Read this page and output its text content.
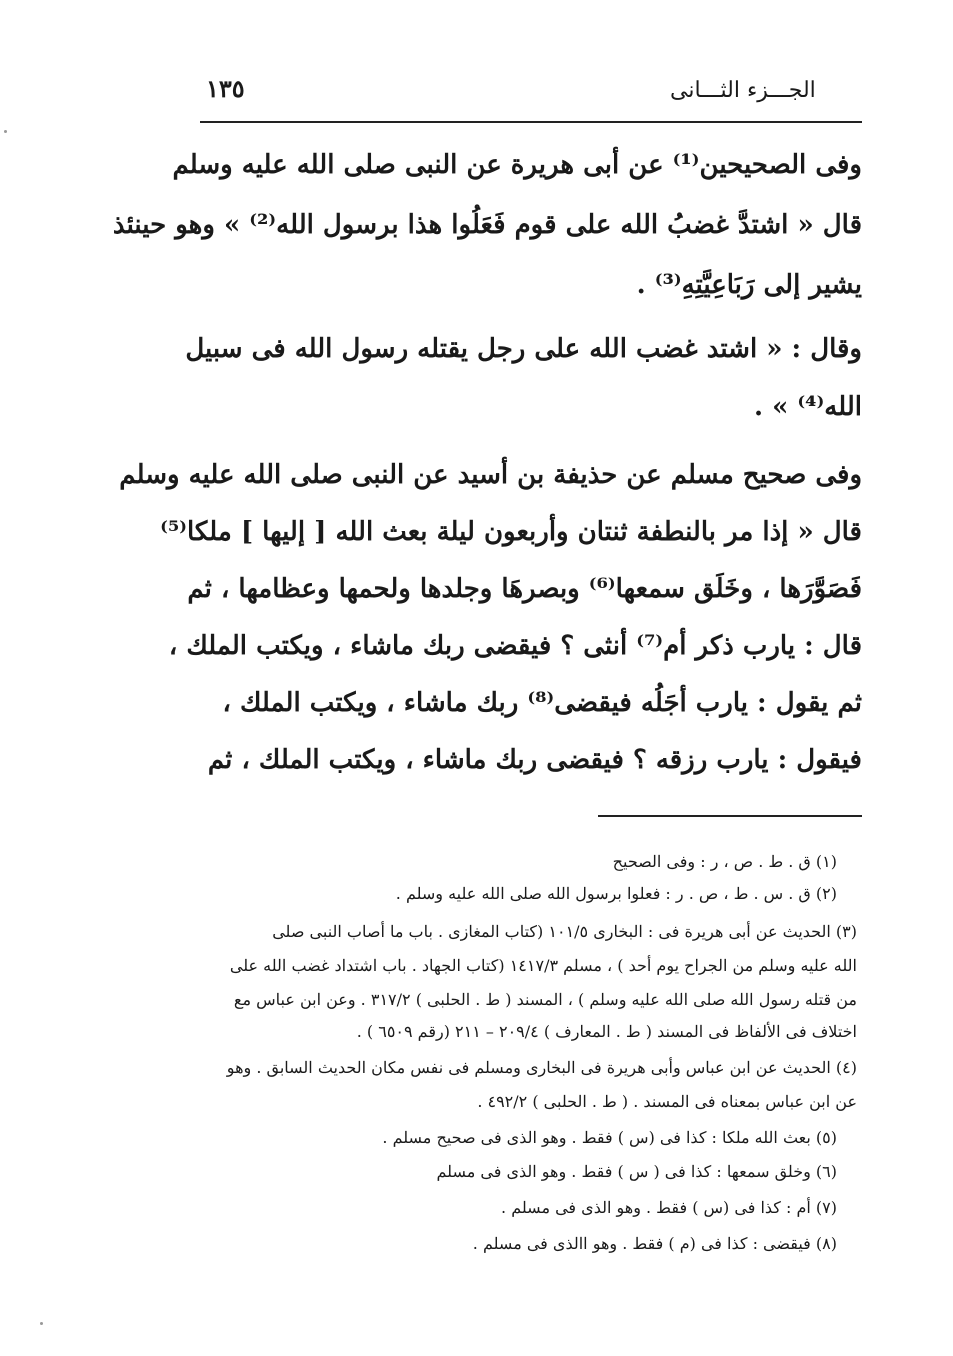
١٣٥	الجـــزء الثـــانى
وفى الصحيحين⁽¹⁾ عن أبى هريرة عن النبى صلى الله عليه وسلم
قال « اشتدَّ غضبُ الله على قوم فَعَلُوا هذا برسول الله⁽²⁾ » وهو حينئذ
يشير إلى رَبَاعِيَّتِهِ⁽³⁾ .
وقال : « اشتد غضب الله على رجل يقتله رسول الله فى سبيل
الله⁽⁴⁾ » .
وفى صحيح مسلم عن حذيفة بن أسيد عن النبى صلى الله عليه وسلم
قال « إذا مر بالنطفة ثنتان وأربعون ليلة بعث الله [ إليها ] ملكا⁽⁵⁾
فَصَوَّرَها ، وخَلَق سمعها⁽⁶⁾ وبصرهَا وجلدها ولحمها وعظامها ، ثم
قال : يارب ذكر أم⁽⁷⁾ أنثى ؟ فيقضى ربك ماشاء ، ويكتب الملك ،
ثم يقول : يارب أجَلُه فيقضى⁽⁸⁾ ربك ماشاء ، ويكتب الملك ،
فيقول : يارب رزقه ؟ فيقضى ربك ماشاء ، ويكتب الملك ، ثم
(١) ق . ط . ص ، ر : وفى الصحيح
(٢) ق . س . ط ، ص . ر : فعلوا برسول الله صلى الله عليه وسلم .
(٣) الحديث عن أبى هريرة فى : البخارى ١٠١/٥ (كتاب المغازى . باب ما أصاب النبى صلى
الله عليه وسلم من الجراح يوم أحد ) ، مسلم ١٤١٧/٣ (كتاب الجهاد . باب اشتداد غضب الله على
من قتله رسول الله صلى الله عليه وسلم ) ، المسند ( ط . الحلبى ) ٣١٧/٢ . وعن ابن عباس مع
اختلاف فى الألفاظ فى المسند ( ط . المعارف ) ٢٠٩/٤ – ٢١١ (رقم ٦٥٠٩ ) .
(٤) الحديث عن ابن عباس وأبى هريرة فى البخارى ومسلم فى نفس مكان الحديث السابق . وهو
عن ابن عباس بمعناه فى المسند . ( ط . الحلبى ) ٤٩٢/٢ .
(٥) بعث الله ملكا : كذا فى (س ) فقط . وهو الذى فى صحيح مسلم .
(٦) وخلق سمعها : كذا فى ( س ) فقط . وهو الذى فى مسلم
(٧) أم : كذا فى (س ) فقط . وهو الذى فى مسلم .
(٨) فيقضى : كذا فى (م ) فقط . وهو االذى فى مسلم .
